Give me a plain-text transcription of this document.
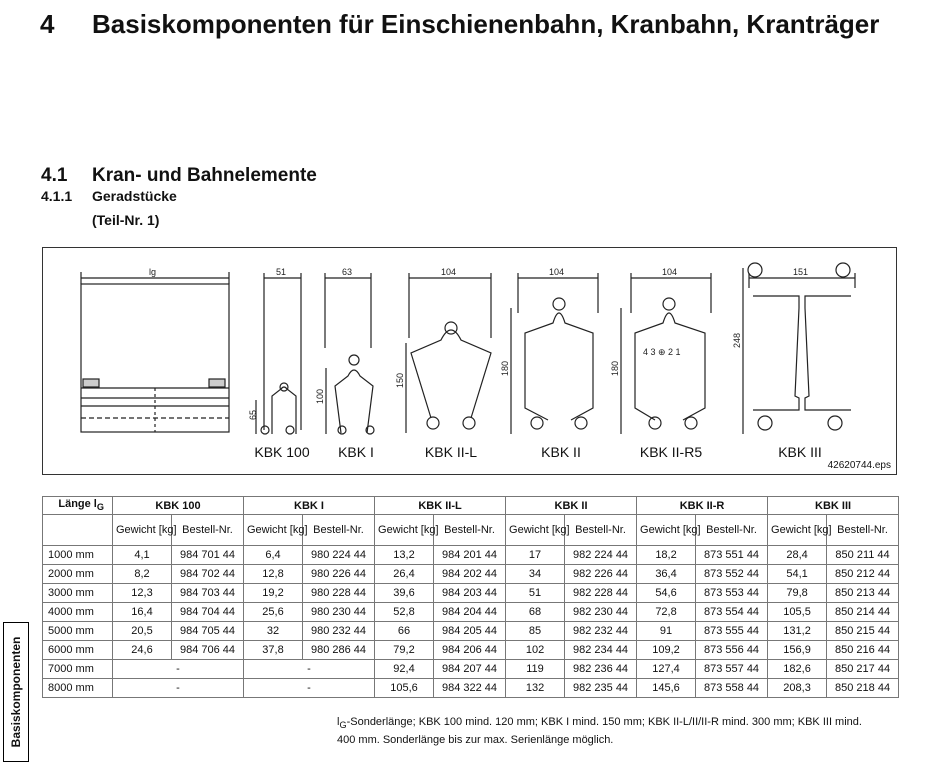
4 Basiskomponenten für Einschienenbahn, Kranbahn, Kranträger
4.1 Kran- und Bahnelemente
4.1.1 Geradstücke
(Teil-Nr. 1)
lg	51	63	104	104	104	151
65
100
150
180	180
248
4 3 ⊕ 2 1
KBK 100	KBK I	KBK II-L	KBK II	KBK II-R5	KBK III
42620744.eps
Länge $l_G$	KBK 100		KBK I		KBK II-L		KBK II		KBK II-R		KBK III	
	Gewicht [kg]	Bestell-Nr.	Gewicht [kg]	Bestell-Nr.	Gewicht [kg]	Bestell-Nr.	Gewicht [kg]	Bestell-Nr.	Gewicht [kg]	Bestell-Nr.	Gewicht [kg]	Bestell-Nr.
1000 mm	4,1	984 701 44	6,4	980 224 44	13,2	984 201 44	17	982 224 44	18,2	873 551 44	28,4	850 211 44
2000 mm	8,2	984 702 44	12,8	980 226 44	26,4	984 202 44	34	982 226 44	36,4	873 552 44	54,1	850 212 44
3000 mm	12,3	984 703 44	19,2	980 228 44	39,6	984 203 44	51	982 228 44	54,6	873 553 44	79,8	850 213 44
4000 mm	16,4	984 704 44	25,6	980 230 44	52,8	984 204 44	68	982 230 44	72,8	873 554 44	105,5	850 214 44
5000 mm	20,5	984 705 44	32	980 232 44	66	984 205 44	85	982 232 44	91	873 555 44	131,2	850 215 44
6000 mm	24,6	984 706 44	37,8	980 286 44	79,2	984 206 44	102	982 234 44	109,2	873 556 44	156,9	850 216 44
7000 mm	-		-		92,4	984 207 44	119	982 236 44	127,4	873 557 44	182,6	850 217 44
8000 mm	-		-		105,6	984 322 44	132	982 235 44	145,6	873 558 44	208,3	850 218 44
$l_G$-Sonderlänge; KBK 100 mind. 120 mm; KBK I mind. 150 mm; KBK II-L/II/II-R mind. 300 mm; KBK III mind. 400 mm. Sonderlänge bis zur max. Serienlänge möglich.
Basiskomponenten
